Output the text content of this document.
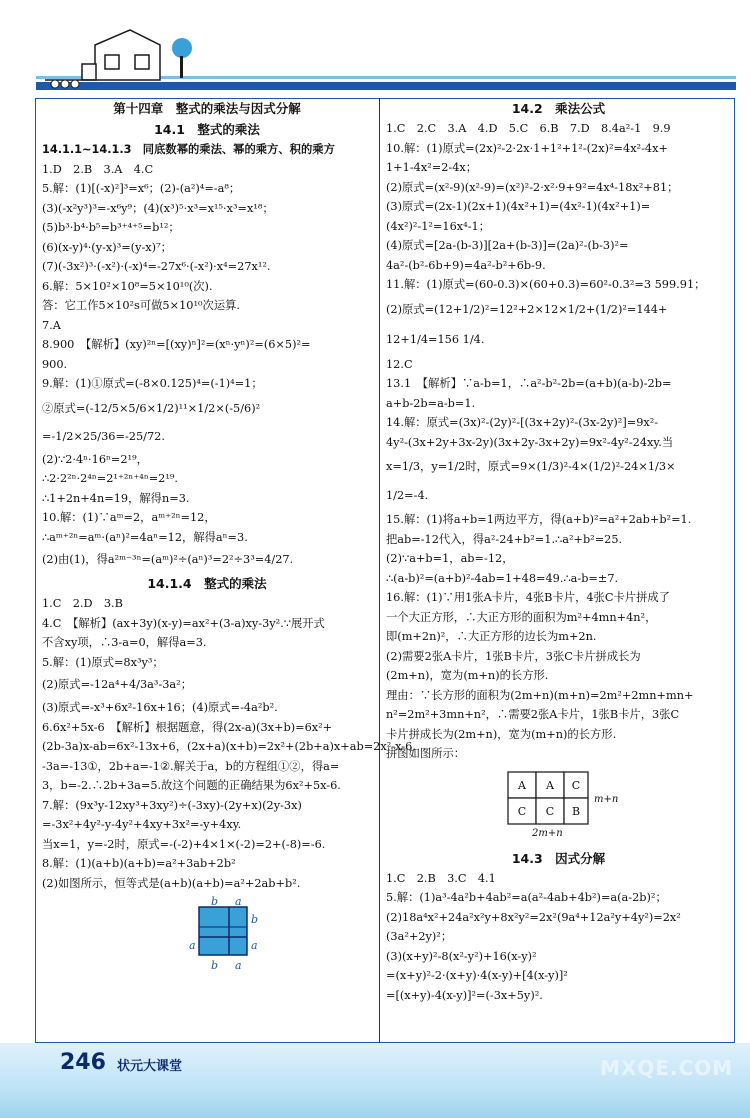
第十四章　整式的乘法与因式分解
14.1　整式的乘法
14.1.1~14.1.3　同底数幂的乘法、幂的乘方、积的乘方
1.D　2.B　3.A　4.C
5.解：(1)[(-x)²]³=x⁶；(2)-(a²)⁴=-a⁸；
(3)(-x²y³)³=-x⁶y⁹；(4)(x³)⁵·x³=x¹⁵·x³=x¹⁸；
(5)b³·b⁴·b⁵=b³⁺⁴⁺⁵=b¹²；
(6)(x-y)⁴·(y-x)³=(y-x)⁷；
(7)(-3x²)³·(-x²)·(-x)⁴=-27x⁶·(-x²)·x⁴=27x¹².
6.解：5×10²×10⁸=5×10¹⁰(次).
答：它工作5×10²s可做5×10¹⁰次运算.
7.A
8.900　【解析】(xy)²ⁿ=[(xy)ⁿ]²=(xⁿ·yⁿ)²=(6×5)²=
900.
9.解：(1)①原式=(-8×0.125)⁴=(-1)⁴=1；
②原式=(-12/5×5/6×1/2)¹¹×1/2×(-5/6)²
=-1/2×25/36=-25/72.
(2)∵2·4ⁿ·16ⁿ=2¹⁹，
∴2·2²ⁿ·2⁴ⁿ=2¹⁺²ⁿ⁺⁴ⁿ=2¹⁹.
∴1+2n+4n=19，解得n=3.
10.解：(1)∵aᵐ=2，aᵐ⁺²ⁿ=12，
∴aᵐ⁺²ⁿ=aᵐ·(aⁿ)²=4aⁿ=12，解得aⁿ=3.
(2)由(1)，得a²ᵐ⁻³ⁿ=(aᵐ)²÷(aⁿ)³=2²÷3³=4/27.
14.1.4　整式的乘法
1.C　2.D　3.B
4.C　【解析】(ax+3y)(x-y)=ax²+(3-a)xy-3y².∵展开式
不含xy项，∴3-a=0，解得a=3.
5.解：(1)原式=8x³y³；
(2)原式=-12a⁴+4/3a³-3a²；
(3)原式=-x³+6x²-16x+16；(4)原式=-4a²b².
6.6x²+5x-6　【解析】根据题意，得(2x-a)(3x+b)=6x²+
(2b-3a)x-ab=6x²-13x+6，(2x+a)(x+b)=2x²+(2b+a)x+ab=2x²-x-6.
-3a=-13①，2b+a=-1②.解关于a，b的方程组①②，得a=
3，b=-2.∴2b+3a=5.故这个问题的正确结果为6x²+5x-6.
7.解：(9x³y-12xy³+3xy²)÷(-3xy)-(2y+x)(2y-3x)
=-3x²+4y²-y-4y²+4xy+3x²=-y+4xy.
当x=1，y=-2时，原式=-(-2)+4×1×(-2)=2+(-8)=-6.
8.解：(1)(a+b)(a+b)=a²+3ab+2b²
(2)如图所示，恒等式是(a+b)(a+b)=a²+2ab+b².
b a
b
a
a
b a
14.2　乘法公式
1.C　2.C　3.A　4.D　5.C　6.B　7.D　8.4a²-1　9.9
10.解：(1)原式=(2x)²-2·2x·1+1²+1²-(2x)²=4x²-4x+
1+1-4x²=2-4x；
(2)原式=(x²-9)(x²-9)=(x²)²-2·x²·9+9²=4x⁴-18x²+81；
(3)原式=(2x-1)(2x+1)(4x²+1)=(4x²-1)(4x²+1)=
(4x²)²-1²=16x⁴-1；
(4)原式=[2a-(b-3)][2a+(b-3)]=(2a)²-(b-3)²=
4a²-(b²-6b+9)=4a²-b²+6b-9.
11.解：(1)原式=(60-0.3)×(60+0.3)=60²-0.3²=3 599.91；
(2)原式=(12+1/2)²=12²+2×12×1/2+(1/2)²=144+
12+1/4=156 1/4.
12.C
13.1　【解析】∵a-b=1，∴a²-b²-2b=(a+b)(a-b)-2b=
a+b-2b=a-b=1.
14.解：原式=(3x)²-(2y)²-[(3x+2y)²-(3x-2y)²]=9x²-
4y²-(3x+2y+3x-2y)(3x+2y-3x+2y)=9x²-4y²-24xy.当
x=1/3，y=1/2时，原式=9×(1/3)²-4×(1/2)²-24×1/3×
1/2=-4.
15.解：(1)将a+b=1两边平方，得(a+b)²=a²+2ab+b²=1.
把ab=-12代入，得a²-24+b²=1.∴a²+b²=25.
(2)∵a+b=1，ab=-12，
∴(a-b)²=(a+b)²-4ab=1+48=49.∴a-b=±7.
16.解：(1)∵用1张A卡片，4张B卡片，4张C卡片拼成了
一个大正方形，∴大正方形的面积为m²+4mn+4n²，
即(m+2n)²，∴大正方形的边长为m+2n.
(2)需要2张A卡片，1张B卡片，3张C卡片拼成长为
(2m+n)，宽为(m+n)的长方形.
理由：∵长方形的面积为(2m+n)(m+n)=2m²+2mn+mn+
n²=2m²+3mn+n²，∴需要2张A卡片，1张B卡片，3张C
卡片拼成长为(2m+n)，宽为(m+n)的长方形.
拼图如图所示：
A A C
C C B
m+n
2m+n
14.3　因式分解
1.C　2.B　3.C　4.1
5.解：(1)a³-4a²b+4ab²=a(a²-4ab+4b²)=a(a-2b)²；
(2)18a⁴x²+24a²x²y+8x²y²=2x²(9a⁴+12a²y+4y²)=2x²
(3a²+2y)²；
(3)(x+y)²-8(x²-y²)+16(x-y)²
=(x+y)²-2·(x+y)·4(x-y)+[4(x-y)]²
=[(x+y)-4(x-y)]²=(-3x+5y)².
246 状元大课堂	MXQE.COM
